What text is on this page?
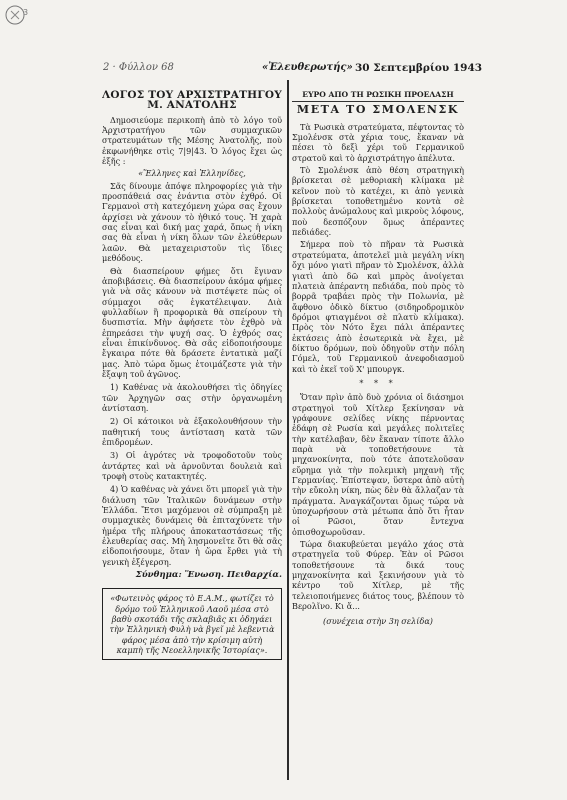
3
2 · Φύλλον 68	«Ἐλευθερωτής» 30 Σεπτεμβρίου 1943
ΛΟΓΟΣ ΤΟΥ ΑΡΧΙΣΤΡΑΤΗΓΟΥ Μ. ΑΝΑΤΟΛΗΣ

Δημοσιεύομε περικοπὴ ἀπὸ τὸ λόγο τοῦ Ἀρχιστρατήγου τῶν συμμαχικῶν στρατευμάτων τῆς Μέσης Ἀνατολῆς, ποὺ ἐκφωνήθηκε στὶς 7|9|43. Ὁ λόγος ἔχει ὡς ἑξῆς :

«Ἕλληνες καὶ Ἑλληνίδες,

Σᾶς δίνουμε ἀπόψε πληροφορίες γιὰ τὴν προσπάθειά σας ἐνάντια στὸν ἐχθρό. Οἱ Γερμανοὶ στὴ κατεχόμενη χώρα σας ἔχουν ἀρχίσει νὰ χάνουν τὸ ἠθικό τους. Ἡ χαρὰ σας εἶναι καὶ δική μας χαρά, ὅπως ἡ νίκη σας θὰ εἶναι ἡ νίκη ὅλων τῶν ἐλεύθερων λαῶν. Θὰ μεταχειριστοῦν τὶς ἴδιες μεθόδους.

Θὰ διασπείρουν φήμες ὅτι ἔγιναν ἀποβιβάσεις. Θὰ διασπείρουν ἀκόμα φήμες γιὰ νὰ σᾶς κάνουν νὰ πιστέψετε πὼς οἱ σύμμαχοι σᾶς ἐγκατέλειψαν. Διὰ φυλλαδίων ἢ προφορικὰ θὰ σπείρουν τὴ δυσπιστία. Μὴν ἀφήσετε τὸν ἐχθρὸ νὰ ἐπηρεάσει τὴν ψυχή σας. Ὁ ἐχθρός σας εἶναι ἐπικίνδυνος. Θὰ σᾶς εἰδοποιήσουμε ἔγκαιρα πότε θὰ δράσετε ἐντατικὰ μαζί μας. Ἀπὸ τώρα ὅμως ἑτοιμάζεστε γιὰ τὴν ἔξαψη τοῦ ἀγῶνος.

1) Καθένας νὰ ἀκολουθήσει τὶς ὁδηγίες τῶν Ἀρχηγῶν σας στὴν ὀργανωμένη ἀντίσταση.

2) Οἱ κάτοικοι νὰ ἐξακολουθήσουν τὴν παθητική τους ἀντίσταση κατὰ τῶν ἐπιδρομέων.

3) Οἱ ἀγρότες νὰ τροφοδοτοῦν τοὺς ἀντάρτες καὶ νὰ ἀρνοῦνται δουλειὰ καὶ τροφὴ στοὺς κατακτητές.

4) Ὁ καθένας νὰ χάνει ὅτι μπορεῖ γιὰ τὴν διάλυση τῶν Ἰταλικῶν δυνάμεων στὴν Ἑλλάδα. Ἔτσι μαχόμενοι σὲ σύμπραξη μὲ συμμαχικὲς δυνάμεις θὰ ἐπιταχύνετε τὴν ἡμέρα τῆς πλήρους ἀποκαταστάσεως τῆς ἐλευθερίας σας. Μὴ λησμονεῖτε ὅτι θὰ σᾶς εἰδοποιήσουμε, ὅταν ἡ ὥρα ἔρθει γιὰ τὴ γενικὴ ἐξέγερση.

Σύνθημα: Ἕνωση. Πειθαρχία.
«Φωτεινὸς φάρος τὸ Ε.Α.Μ., φωτίζει τὸ δρόμο τοῦ Ἑλληνικοῦ Λαοῦ μέσα στὸ βαθὺ σκοτάδι τῆς σκλαβιᾶς κι ὁδηγάει τὴν Ἑλληνικὴ Φυλὴ νὰ βγεῖ μὲ λεβεντιὰ φάρος μέσα ἀπὸ τὴν κρίσιμη αὐτὴ καμπὴ τῆς Νεοελληνικῆς Ἱστορίας».
ΕΥΡΟ ΑΠΟ ΤΗ ΡΩΣΙΚΗ ΠΡΟΕΛΑΣΗ
ΜΕΤΑ ΤΟ ΣΜΟΛΕΝΣΚ

Τὰ Ρωσικὰ στρατεύματα, πέφτοντας τὸ Σμολένσκ στὰ χέρια τους, ἔκαναν νὰ πέσει τὸ δεξὶ χέρι τοῦ Γερμανικοῦ στρατοῦ καὶ τὸ ἀρχιστράτηγο ἀπέλυτα.

Τὸ Σμολένσκ ἀπὸ θέση στρατηγικὴ βρίσκεται σὲ μεθοριακὴ κλίμακα μὲ κεῖνον ποὺ τὸ κατέχει, κι ἀπὸ γενικὰ βρίσκεται τοποθετημένο κοντὰ σὲ πολλοὺς ἀνώμαλους καὶ μικροὺς λόφους, ποὺ δεσπόζουν ὅμως ἀπέραντες πεδιάδες.

Σήμερα ποὺ τὸ πῆραν τὰ Ρωσικὰ στρατεύματα, ἀποτελεῖ μιὰ μεγάλη νίκη ὄχι μόνο γιατὶ πῆραν τὸ Σμολένσκ, ἀλλὰ γιατὶ ἀπὸ δῶ καὶ μπρὸς ἀνοίγεται πλατειὰ ἀπέραντη πεδιάδα, ποὺ πρὸς τὸ βορρᾶ τραβάει πρὸς τὴν Πολωνία, μὲ ἄφθονο ὁδικὸ δίκτυο (σιδηροδρομικὸν δρόμοι φτιαγμένοι σὲ πλατὺ κλίμακα). Πρὸς τὸν Νότο ἔχει πάλι ἀπέραντες ἐκτάσεις ἀπὸ ἐσωτερικὰ νὰ ἔχει, μὲ δίκτυο δρόμων, ποὺ ὁδηγοῦν στὴν πόλη Γόμελ, τοῦ Γερμανικοῦ ἀνεφοδιασμοῦ καὶ τὸ ἐκεῖ τοῦ Χ' μπουργκ.

* * *

Ὅταν πρὶν ἀπὸ δυὸ χρόνια οἱ διάσημοι στρατηγοὶ τοῦ Χίτλερ ξεκίνησαν νὰ γράφουνε σελίδες νίκης πέρνοντας ἐδάφη σὲ Ρωσία καὶ μεγάλες πολιτεῖες τὴν κατέλαβαν, δὲν ἔκαναν τίποτε ἄλλο παρὰ νὰ τοποθετήσουνε τὰ μηχανοκίνητα, ποὺ τότε ἀποτελοῦσαν εὔρημα γιὰ τὴν πολεμικὴ μηχανὴ τῆς Γερμανίας. Ἐπίστεψαν, ὕστερα ἀπὸ αὐτὴ τὴν εὔκολη νίκη, πὼς δὲν θὰ ἄλλαζαν τὰ πράγματα. Ἀναγκάζονται ὅμως τώρα νὰ ὑποχωρήσουν στὰ μέτωπα ἀπὸ ὅτι ἦταν οἱ Ρῶσοι, ὅταν ἔντεχνα ὀπισθοχωροῦσαν.

Τώρα διακυβεύεται μεγάλο χάος στὰ στρατηγεῖα τοῦ Φύρερ. Ἐὰν οἱ Ρῶσοι τοποθετήσουνε τὰ δικά τους μηχανοκίνητα καὶ ξεκινήσουν γιὰ τὸ κέντρο τοῦ Χίτλερ, μὲ τῆς τελειοποιήμενες διάτος τους, βλέπουν τὸ Βερολῖνο. Κι ἄ...

(συνέχεια στὴν 3η σελίδα)
